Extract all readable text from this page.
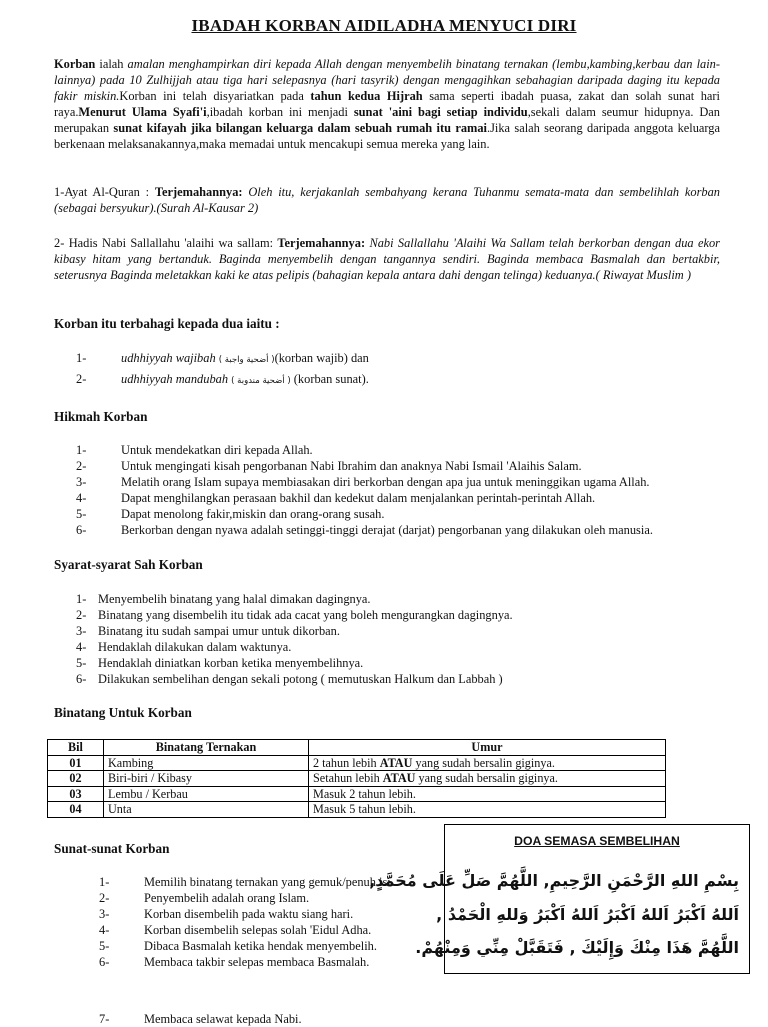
IBADAH KORBAN AIDILADHA MENYUCI DIRI
Korban ialah amalan menghampirkan diri kepada Allah dengan menyembelih binatang ternakan (lembu,kambing,kerbau dan lain-lainnya) pada 10 Zulhijjah atau tiga hari selepasnya (hari tasyrik) dengan mengagihkan sebahagian daripada daging itu kepada fakir miskin.Korban ini telah disyariatkan pada tahun kedua Hijrah sama seperti ibadah puasa, zakat dan solah sunat hari raya.Menurut Ulama Syafi'i,ibadah korban ini menjadi sunat 'aini bagi setiap individu,sekali dalam seumur hidupnya. Dan merupakan sunat kifayah jika bilangan keluarga dalam sebuah rumah itu ramai.Jika salah seorang daripada anggota keluarga berkenaan melaksanakannya,maka memadai untuk mencakupi semua mereka yang lain.
1-Ayat Al-Quran : Terjemahannya: Oleh itu, kerjakanlah sembahyang kerana Tuhanmu semata-mata dan sembelihlah korban (sebagai bersyukur).(Surah Al-Kausar 2)
2- Hadis Nabi Sallallahu 'alaihi wa sallam: Terjemahannya: Nabi Sallallahu 'Alaihi Wa Sallam telah berkorban dengan dua ekor kibasy hitam yang bertanduk. Baginda menyembelih dengan tangannya sendiri. Baginda membaca Basmalah dan bertakbir, seterusnya Baginda meletakkan kaki ke atas pelipis (bahagian kepala antara dahi dengan telinga) keduanya.( Riwayat Muslim )
Korban itu terbahagi kepada dua iaitu :
1-	udhhiyyah wajibah ( أضحية واجبة )(korban wajib) dan
2-	udhhiyyah mandubah ( أضحية مندوبة ) (korban sunat).
Hikmah Korban
1-	Untuk mendekatkan diri kepada Allah.
2-	Untuk mengingati kisah pengorbanan Nabi Ibrahim dan anaknya Nabi Ismail 'Alaihis Salam.
3-	Melatih orang Islam supaya membiasakan diri berkorban dengan apa jua untuk meninggikan ugama Allah.
4-	Dapat menghilangkan perasaan bakhil dan kedekut dalam menjalankan perintah-perintah Allah.
5-	Dapat menolong fakir,miskin dan orang-orang susah.
6-	Berkorban dengan nyawa adalah setinggi-tinggi derajat (darjat) pengorbanan yang dilakukan oleh manusia.
Syarat-syarat Sah Korban
1- Menyembelih binatang yang halal dimakan dagingnya.
2- Binatang yang disembelih itu tidak ada cacat yang boleh mengurangkan dagingnya.
3- Binatang itu sudah sampai umur untuk dikorban.
4- Hendaklah dilakukan dalam waktunya.
5- Hendaklah diniatkan korban ketika menyembelihnya.
6- Dilakukan sembelihan dengan sekali potong ( memutuskan Halkum dan Labbah )
Binatang Untuk Korban
Bil	Binatang Ternakan	Umur
01	Kambing	2 tahun lebih ATAU yang sudah bersalin giginya.
02	Biri-biri / Kibasy	Setahun lebih ATAU yang sudah bersalin giginya.
03	Lembu / Kerbau	Masuk 2 tahun lebih.
04	Unta	Masuk 5 tahun lebih.
Sunat-sunat Korban
1-	Memilih binatang ternakan yang gemuk/penuh isi.
2-	Penyembelih adalah orang Islam.
3-	Korban disembelih pada waktu siang hari.
4-	Korban disembelih selepas solah 'Eidul Adha.
5-	Dibaca Basmalah ketika hendak menyembelih.
6-	Membaca takbir selepas membaca Basmalah.
7-	Membaca selawat kepada Nabi.
DOA SEMASA SEMBELIHAN
بِسْمِ اللهِ الرَّحْمَنِ الرَّحِيمِ, اللَّهُمَّ صَلِّ عَلَى مُحَمَّدٍ,
اَللهُ اَكْبَرُ اَللهُ اَكْبَرُ اَللهُ اَكْبَرُ وَللهِ الْحَمْدُ ,
اللَّهُمَّ هَذَا مِنْكَ وَإِلَيْكَ , فَتَقَبَّلْ مِنِّي وَمِنْهُمْ.
